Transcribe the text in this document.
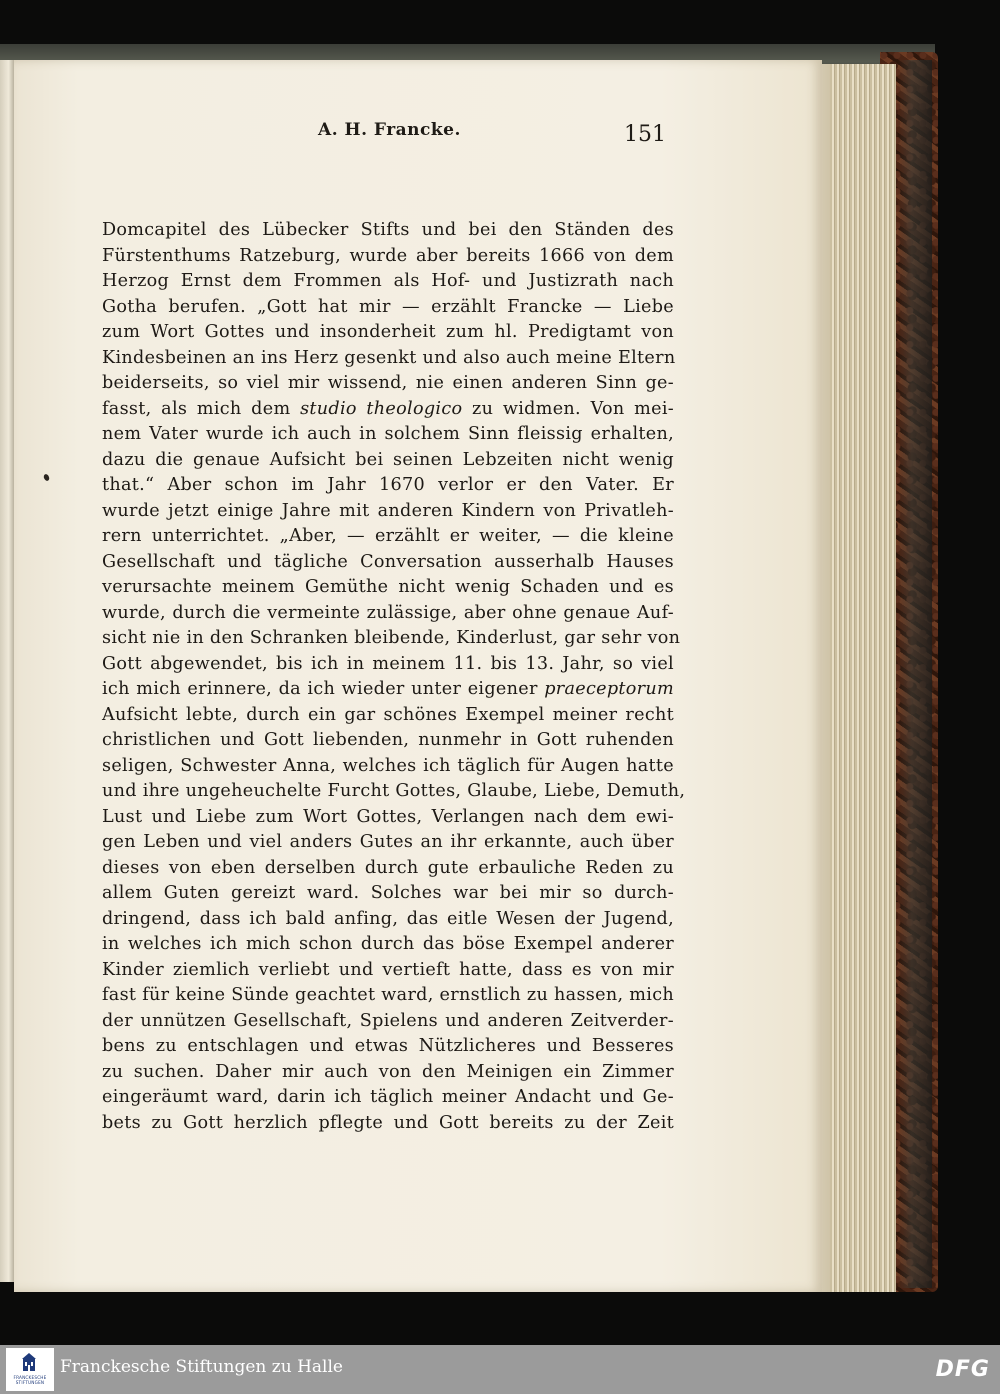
A. H. Francke.	151
Domcapitel des Lübecker Stifts und bei den Ständen des
Fürstenthums Ratzeburg, wurde aber bereits 1666 von dem
Herzog Ernst dem Frommen als Hof- und Justizrath nach
Gotha berufen. „Gott hat mir — erzählt Francke — Liebe
zum Wort Gottes und insonderheit zum hl. Predigtamt von
Kindesbeinen an ins Herz gesenkt und also auch meine Eltern
beiderseits, so viel mir wissend, nie einen anderen Sinn ge-
fasst, als mich dem studio theologico zu widmen. Von mei-
nem Vater wurde ich auch in solchem Sinn fleissig erhalten,
dazu die genaue Aufsicht bei seinen Lebzeiten nicht wenig
that.“ Aber schon im Jahr 1670 verlor er den Vater. Er
wurde jetzt einige Jahre mit anderen Kindern von Privatleh-
rern unterrichtet. „Aber, — erzählt er weiter, — die kleine
Gesellschaft und tägliche Conversation ausserhalb Hauses
verursachte meinem Gemüthe nicht wenig Schaden und es
wurde, durch die vermeinte zulässige, aber ohne genaue Auf-
sicht nie in den Schranken bleibende, Kinderlust, gar sehr von
Gott abgewendet, bis ich in meinem 11. bis 13. Jahr, so viel
ich mich erinnere, da ich wieder unter eigener praeceptorum
Aufsicht lebte, durch ein gar schönes Exempel meiner recht
christlichen und Gott liebenden, nunmehr in Gott ruhenden
seligen, Schwester Anna, welches ich täglich für Augen hatte
und ihre ungeheuchelte Furcht Gottes, Glaube, Liebe, Demuth,
Lust und Liebe zum Wort Gottes, Verlangen nach dem ewi-
gen Leben und viel anders Gutes an ihr erkannte, auch über
dieses von eben derselben durch gute erbauliche Reden zu
allem Guten gereizt ward. Solches war bei mir so durch-
dringend, dass ich bald anfing, das eitle Wesen der Jugend,
in welches ich mich schon durch das böse Exempel anderer
Kinder ziemlich verliebt und vertieft hatte, dass es von mir
fast für keine Sünde geachtet ward, ernstlich zu hassen, mich
der unnützen Gesellschaft, Spielens und anderen Zeitverder-
bens zu entschlagen und etwas Nützlicheres und Besseres
zu suchen. Daher mir auch von den Meinigen ein Zimmer
eingeräumt ward, darin ich täglich meiner Andacht und Ge-
bets zu Gott herzlich pflegte und Gott bereits zu der Zeit
FRANCKESCHE
STIFTUNGEN
Franckesche Stiftungen zu Halle	DFG
